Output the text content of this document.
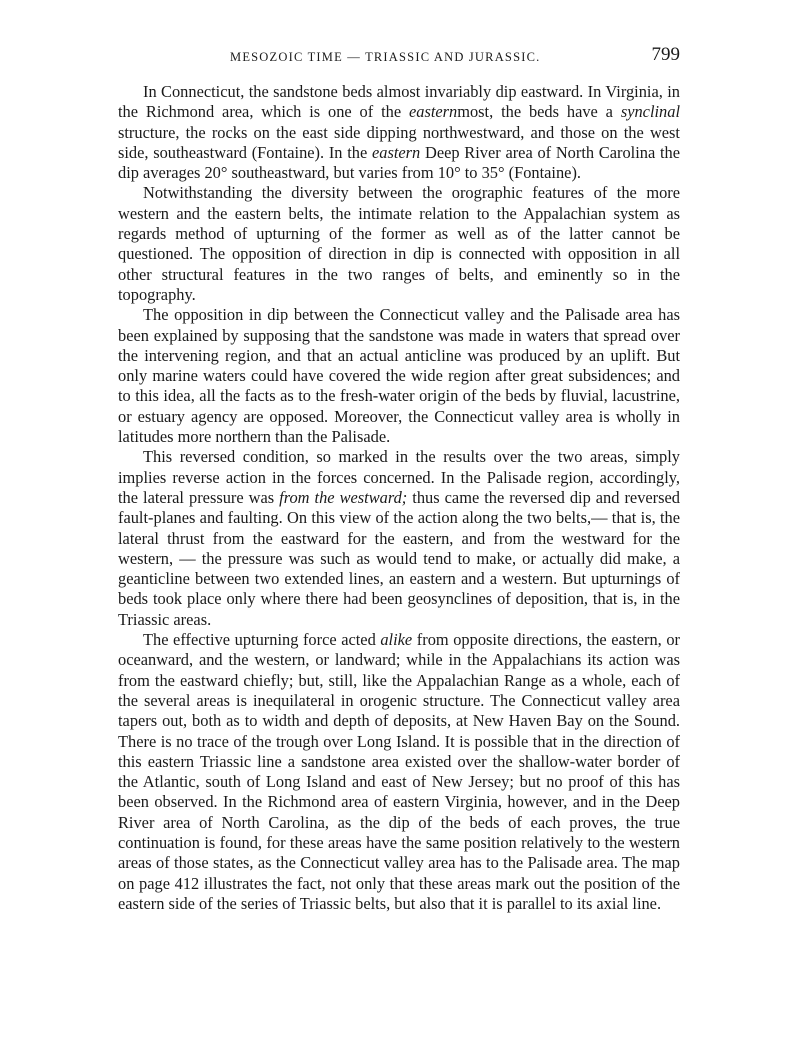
MESOZOIC TIME — TRIASSIC AND JURASSIC.	799

In Connecticut, the sandstone beds almost invariably dip eastward. In Virginia, in the Richmond area, which is one of the easternmost, the beds have a synclinal structure, the rocks on the east side dipping northwestward, and those on the west side, southeastward (Fontaine). In the eastern Deep River area of North Carolina the dip averages 20° southeastward, but varies from 10° to 35° (Fontaine).

Notwithstanding the diversity between the orographic features of the more western and the eastern belts, the intimate relation to the Appalachian system as regards method of upturning of the former as well as of the latter cannot be questioned. The opposition of direction in dip is connected with opposition in all other structural features in the two ranges of belts, and eminently so in the topography.

The opposition in dip between the Connecticut valley and the Palisade area has been explained by supposing that the sandstone was made in waters that spread over the intervening region, and that an actual anticline was produced by an uplift. But only marine waters could have covered the wide region after great subsidences; and to this idea, all the facts as to the fresh-water origin of the beds by fluvial, lacustrine, or estuary agency are opposed. Moreover, the Connecticut valley area is wholly in latitudes more northern than the Palisade.

This reversed condition, so marked in the results over the two areas, simply implies reverse action in the forces concerned. In the Palisade region, accordingly, the lateral pressure was from the westward; thus came the reversed dip and reversed fault-planes and faulting. On this view of the action along the two belts,— that is, the lateral thrust from the eastward for the eastern, and from the westward for the western, — the pressure was such as would tend to make, or actually did make, a geanticline between two extended lines, an eastern and a western. But upturnings of beds took place only where there had been geosynclines of deposition, that is, in the Triassic areas.

The effective upturning force acted alike from opposite directions, the eastern, or oceanward, and the western, or landward; while in the Appalachians its action was from the eastward chiefly; but, still, like the Appalachian Range as a whole, each of the several areas is inequilateral in orogenic structure. The Connecticut valley area tapers out, both as to width and depth of deposits, at New Haven Bay on the Sound. There is no trace of the trough over Long Island. It is possible that in the direction of this eastern Triassic line a sandstone area existed over the shallow-water border of the Atlantic, south of Long Island and east of New Jersey; but no proof of this has been observed. In the Richmond area of eastern Virginia, however, and in the Deep River area of North Carolina, as the dip of the beds of each proves, the true continuation is found, for these areas have the same position relatively to the western areas of those states, as the Connecticut valley area has to the Palisade area. The map on page 412 illustrates the fact, not only that these areas mark out the position of the eastern side of the series of Triassic belts, but also that it is parallel to its axial line.
